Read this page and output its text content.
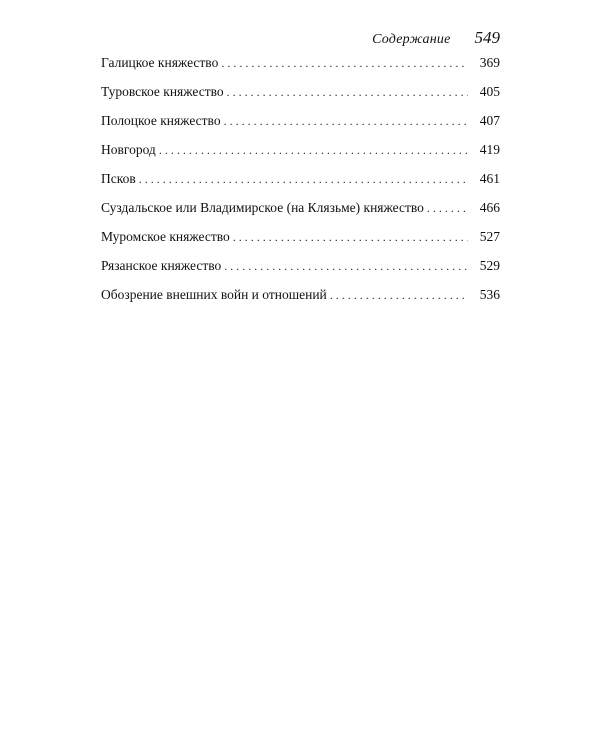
Содержание 549
Галицкое княжество . . .	369
Туровское княжество . . .	405
Полоцкое княжество . . .	407
Новгород . . .	419
Псков . . .	461
Суздальское или Владимирское (на Клязьме) княжество . . .	466
Муромское княжество . . .	527
Рязанское княжество . . .	529
Обозрение внешних войн и отношений . . .	536
